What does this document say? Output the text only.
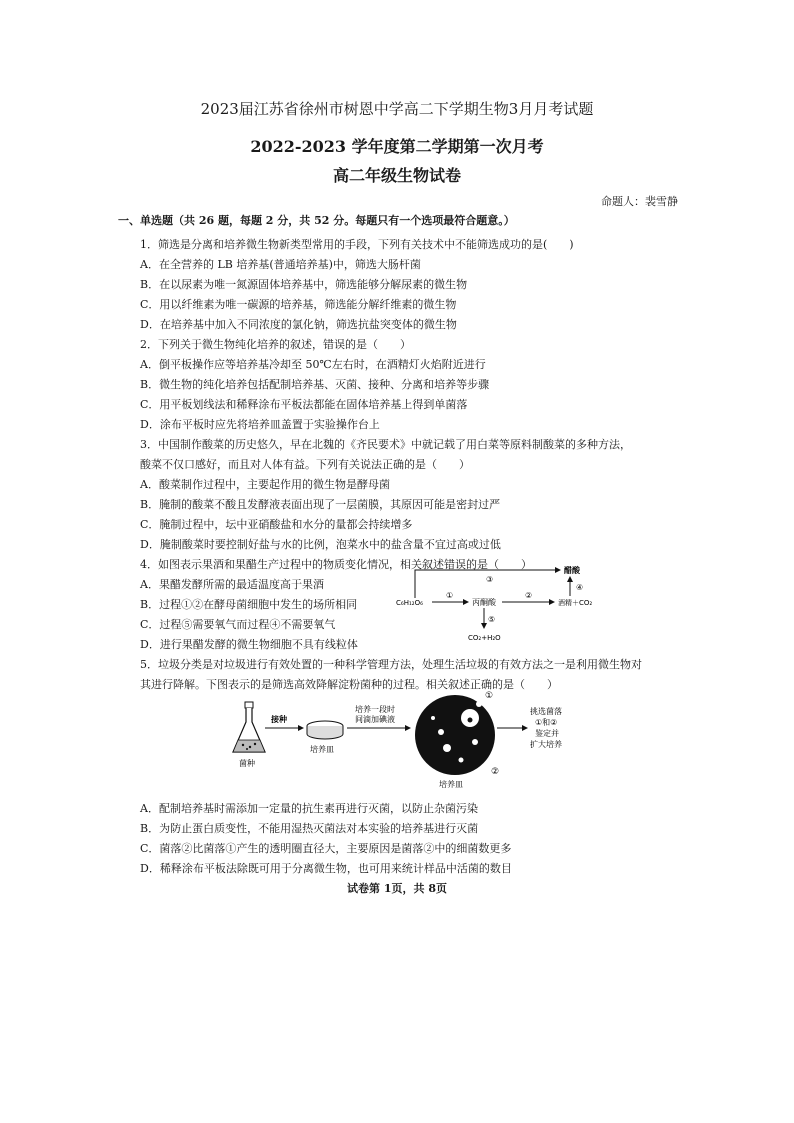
2023届江苏省徐州市树恩中学高二下学期生物3月月考试题
2022-2023 学年度第二学期第一次月考
高二年级生物试卷
命题人：裴雪静
一、单选题（共 26 题，每题 2 分，共 52 分。每题只有一个选项最符合题意。）
1．筛选是分离和培养微生物新类型常用的手段，下列有关技术中不能筛选成功的是(　　)
A．在全营养的 LB 培养基(普通培养基)中，筛选大肠杆菌
B．在以尿素为唯一氮源固体培养基中，筛选能够分解尿素的微生物
C．用以纤维素为唯一碳源的培养基，筛选能分解纤维素的微生物
D．在培养基中加入不同浓度的氯化钠，筛选抗盐突变体的微生物
2．下列关于微生物纯化培养的叙述，错误的是（　　）
A．倒平板操作应等培养基冷却至 50℃左右时，在酒精灯火焰附近进行
B．微生物的纯化培养包括配制培养基、灭菌、接种、分离和培养等步骤
C．用平板划线法和稀释涂布平板法都能在固体培养基上得到单菌落
D．涂布平板时应先将培养皿盖置于实验操作台上
3．中国制作酸菜的历史悠久，早在北魏的《齐民要术》中就记载了用白菜等原料制酸菜的多种方法，
酸菜不仅口感好，而且对人体有益。下列有关说法正确的是（　　）
A．酸菜制作过程中，主要起作用的微生物是酵母菌
B．腌制的酸菜不酸且发酵液表面出现了一层菌膜，其原因可能是密封过严
C．腌制过程中，坛中亚硝酸盐和水分的量都会持续增多
D．腌制酸菜时要控制好盐与水的比例，泡菜水中的盐含量不宜过高或过低
4．如图表示果酒和果醋生产过程中的物质变化情况，相关叙述错误的是（　　）
A．果醋发酵所需的最适温度高于果酒
B．过程①②在酵母菌细胞中发生的场所相同
C．过程⑤需要氧气而过程④不需要氧气
D．进行果醋发酵的微生物细胞不具有线粒体
③
醋酸
C₆H₁₂O₆
①
丙酮酸
②
酒精＋CO₂
④
⑤
CO₂+H₂O
5．垃圾分类是对垃圾进行有效处置的一种科学管理方法，处理生活垃圾的有效方法之一是利用微生物对
其进行降解。下图表示的是筛选高效降解淀粉菌种的过程。相关叙述正确的是（　　）
菌种
接种
培养皿
培养一段时
间滴加碘液
①
②
培养皿
挑选菌落
①和②
鉴定并
扩大培养
A．配制培养基时需添加一定量的抗生素再进行灭菌，以防止杂菌污染
B．为防止蛋白质变性，不能用湿热灭菌法对本实验的培养基进行灭菌
C．菌落②比菌落①产生的透明圈直径大，主要原因是菌落②中的细菌数更多
D．稀释涂布平板法除既可用于分离微生物，也可用来统计样品中活菌的数目
试卷第 1页，共 8页
